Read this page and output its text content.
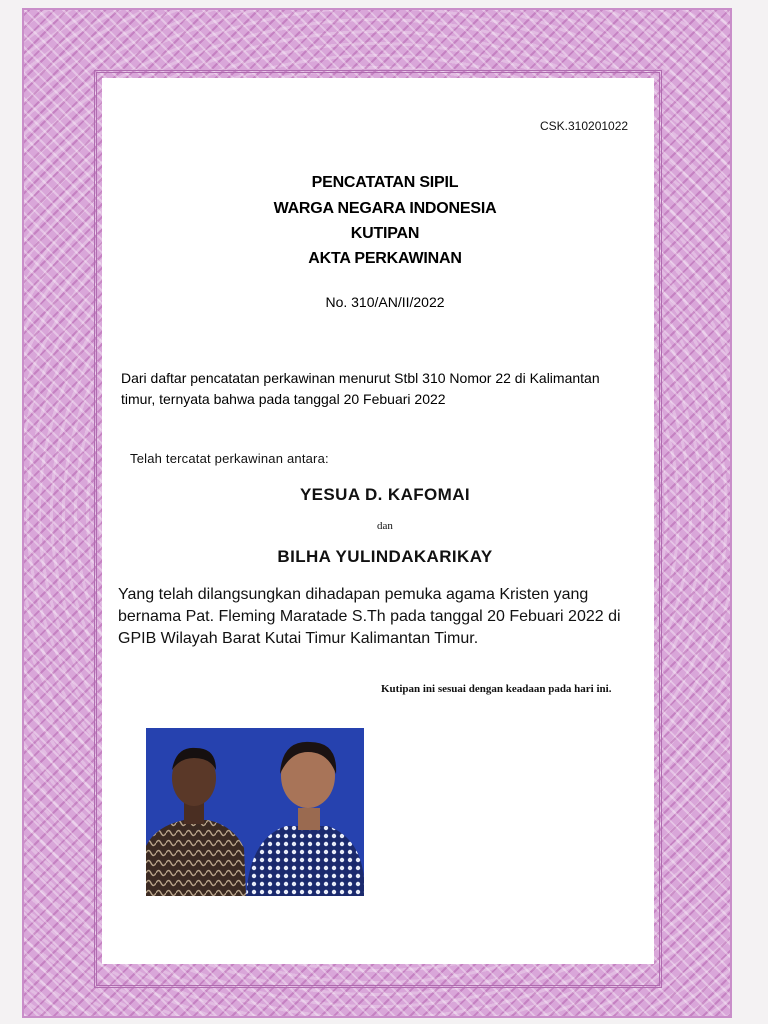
CSK.310201022
PENCATATAN SIPIL
WARGA NEGARA INDONESIA
KUTIPAN
AKTA PERKAWINAN
No. 310/AN/II/2022
Dari daftar pencatatan perkawinan menurut Stbl 310 Nomor 22 di Kalimantan
timur, ternyata bahwa pada tanggal 20 Febuari 2022
Telah tercatat perkawinan antara:
YESUA D. KAFOMAI
dan
BILHA YULINDAKARIKAY
Yang telah dilangsungkan dihadapan pemuka agama Kristen yang
bernama Pat. Fleming Maratade S.Th pada tanggal 20 Febuari 2022 di
GPIB Wilayah Barat Kutai Timur Kalimantan Timur.
Kutipan ini sesuai dengan keadaan pada hari ini.
